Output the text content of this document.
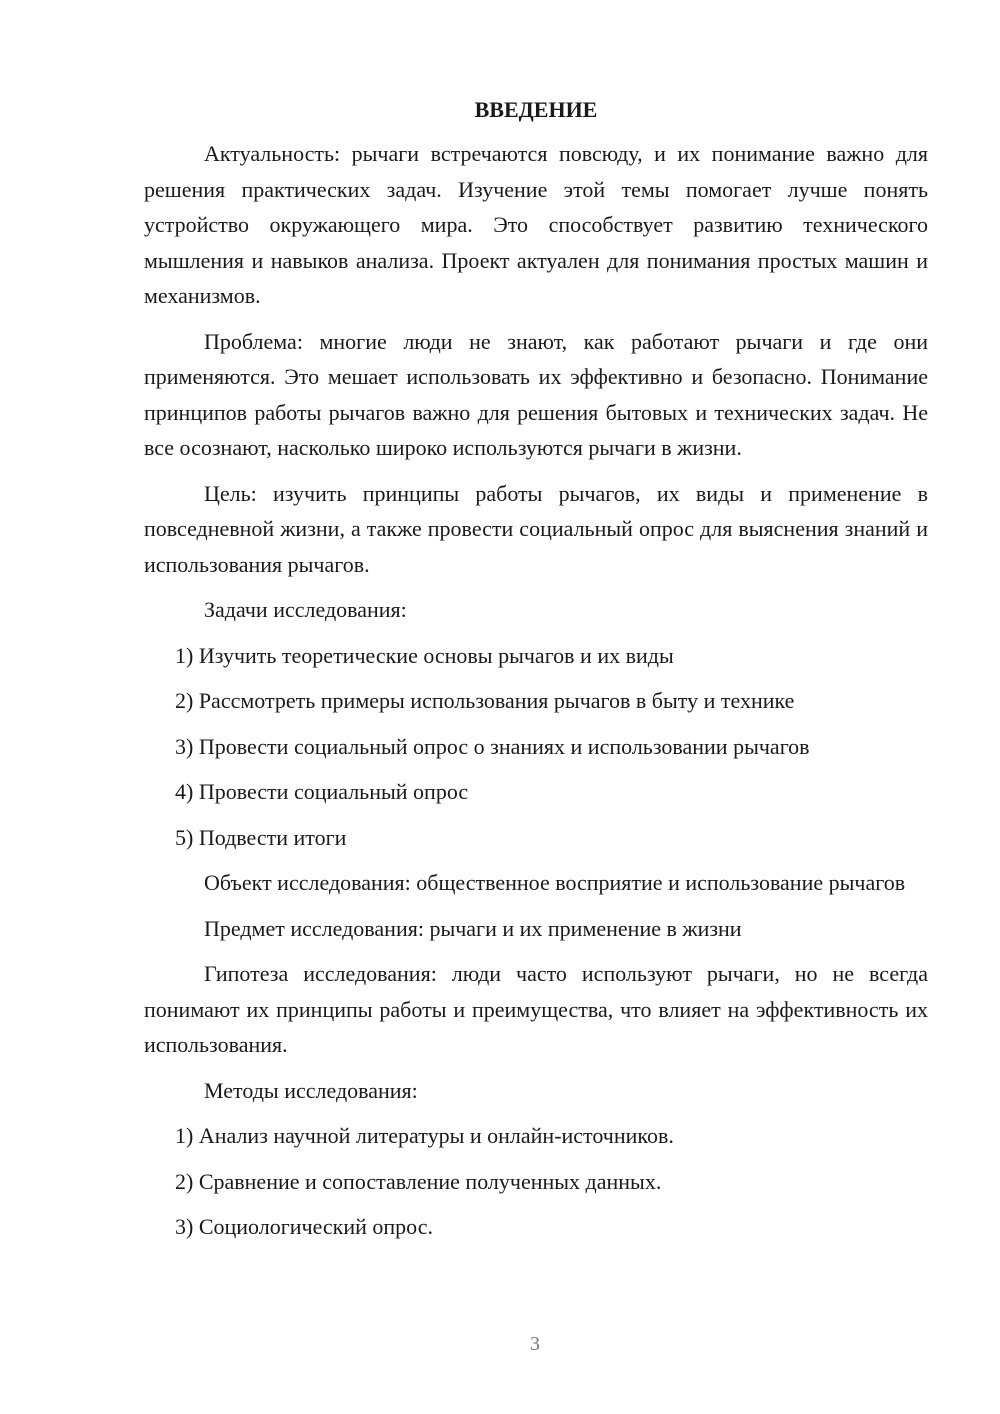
ВВЕДЕНИЕ

Актуальность: рычаги встречаются повсюду, и их понимание важно для решения практических задач. Изучение этой темы помогает лучше понять устройство окружающего мира. Это способствует развитию технического мышления и навыков анализа. Проект актуален для понимания простых машин и механизмов.

Проблема: многие люди не знают, как работают рычаги и где они применяются. Это мешает использовать их эффективно и безопасно. Понимание принципов работы рычагов важно для решения бытовых и технических задач. Не все осознают, насколько широко используются рычаги в жизни.

Цель: изучить принципы работы рычагов, их виды и применение в повседневной жизни, а также провести социальный опрос для выяснения знаний и использования рычагов.

Задачи исследования:

1) Изучить теоретические основы рычагов и их виды
2) Рассмотреть примеры использования рычагов в быту и технике
3) Провести социальный опрос о знаниях и использовании рычагов
4) Провести социальный опрос
5) Подвести итоги

Объект исследования: общественное восприятие и использование рычагов

Предмет исследования: рычаги и их применение в жизни

Гипотеза исследования: люди часто используют рычаги, но не всегда понимают их принципы работы и преимущества, что влияет на эффективность их использования.

Методы исследования:

1) Анализ научной литературы и онлайн-источников.
2) Сравнение и сопоставление полученных данных.
3) Социологический опрос.
3
